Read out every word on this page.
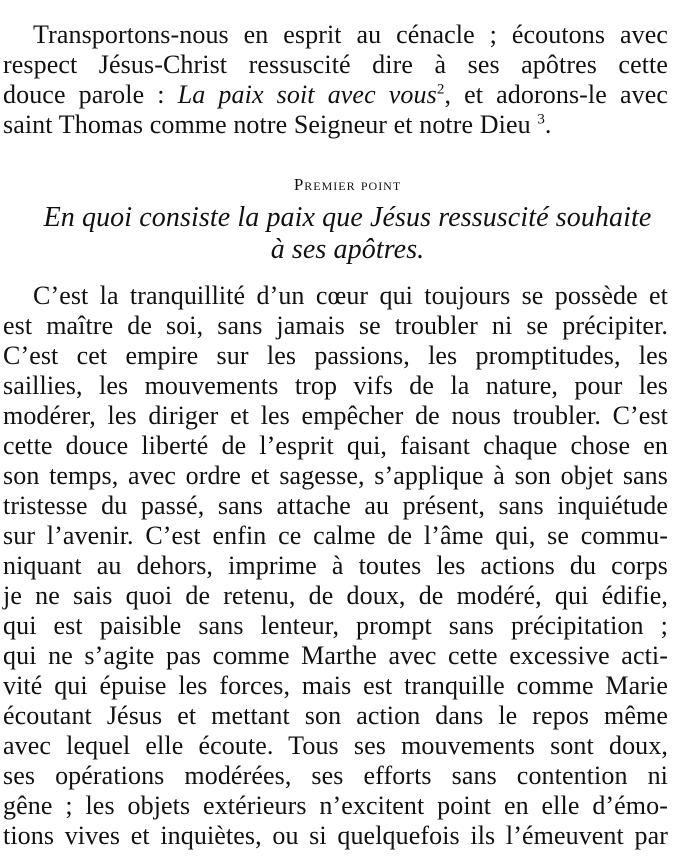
Transportons-nous en esprit au cénacle ; écoutons avec
respect Jésus-Christ ressuscité dire à ses apôtres cette
douce parole : La paix soit avec vous$^2$, et adorons-le avec
saint Thomas comme notre Seigneur et notre Dieu $^3$.
Premier point
En quoi consiste la paix que Jésus ressuscité souhaite
à ses apôtres.
C’est la tranquillité d’un cœur qui toujours se possède et
est maître de soi, sans jamais se troubler ni se précipiter.
C’est cet empire sur les passions, les promptitudes, les
saillies, les mouvements trop vifs de la nature, pour les
modérer, les diriger et les empêcher de nous troubler. C’est
cette douce liberté de l’esprit qui, faisant chaque chose en
son temps, avec ordre et sagesse, s’applique à son objet sans
tristesse du passé, sans attache au présent, sans inquiétude
sur l’avenir. C’est enfin ce calme de l’âme qui, se commu-
niquant au dehors, imprime à toutes les actions du corps
je ne sais quoi de retenu, de doux, de modéré, qui édifie,
qui est paisible sans lenteur, prompt sans précipitation ;
qui ne s’agite pas comme Marthe avec cette excessive acti-
vité qui épuise les forces, mais est tranquille comme Marie
écoutant Jésus et mettant son action dans le repos même
avec lequel elle écoute. Tous ses mouvements sont doux,
ses opérations modérées, ses efforts sans contention ni
gêne ; les objets extérieurs n’excitent point en elle d’émo-
tions vives et inquiètes, ou si quelquefois ils l’émeuvent par
